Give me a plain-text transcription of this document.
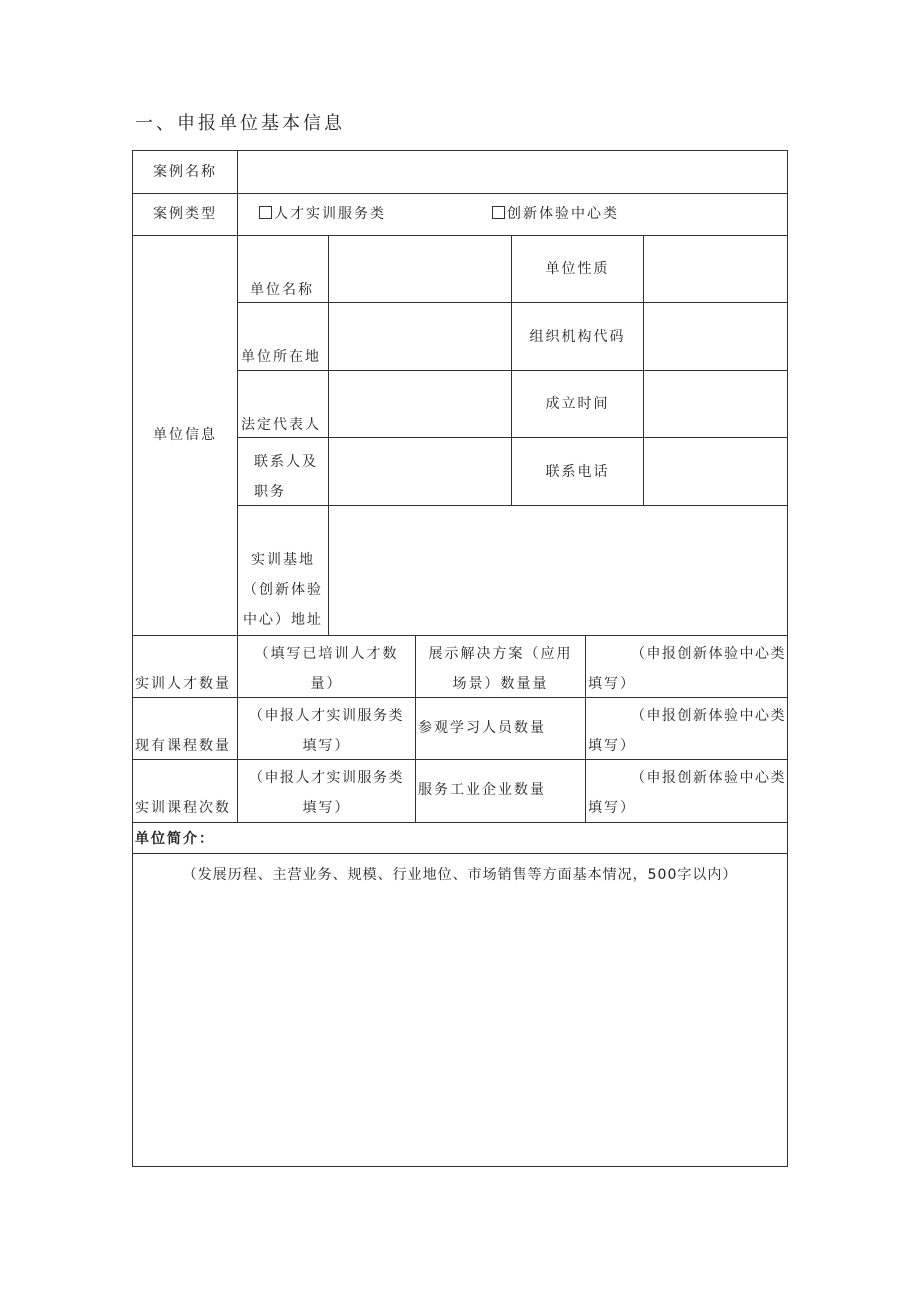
一、申报单位基本信息
案例名称
案例类型	人才实训服务类	创新体验中心类
单位信息
单位名称
单位性质
单位所在地
组织机构代码
法定代表人
成立时间
联系人及
职务
联系电话
实训基地
（创新体验
中心）地址
实训人才数量
（填写已培训人才数
量）
展示解决方案（应用
场景）数量量
（申报创新体验中心类
填写）
现有课程数量
（申报人才实训服务类
填写）
参观学习人员数量
（申报创新体验中心类
填写）
实训课程次数
（申报人才实训服务类
填写）
服务工业企业数量
（申报创新体验中心类
填写）
单位简介：
（发展历程、主营业务、规模、行业地位、市场销售等方面基本情况，500字以内）
